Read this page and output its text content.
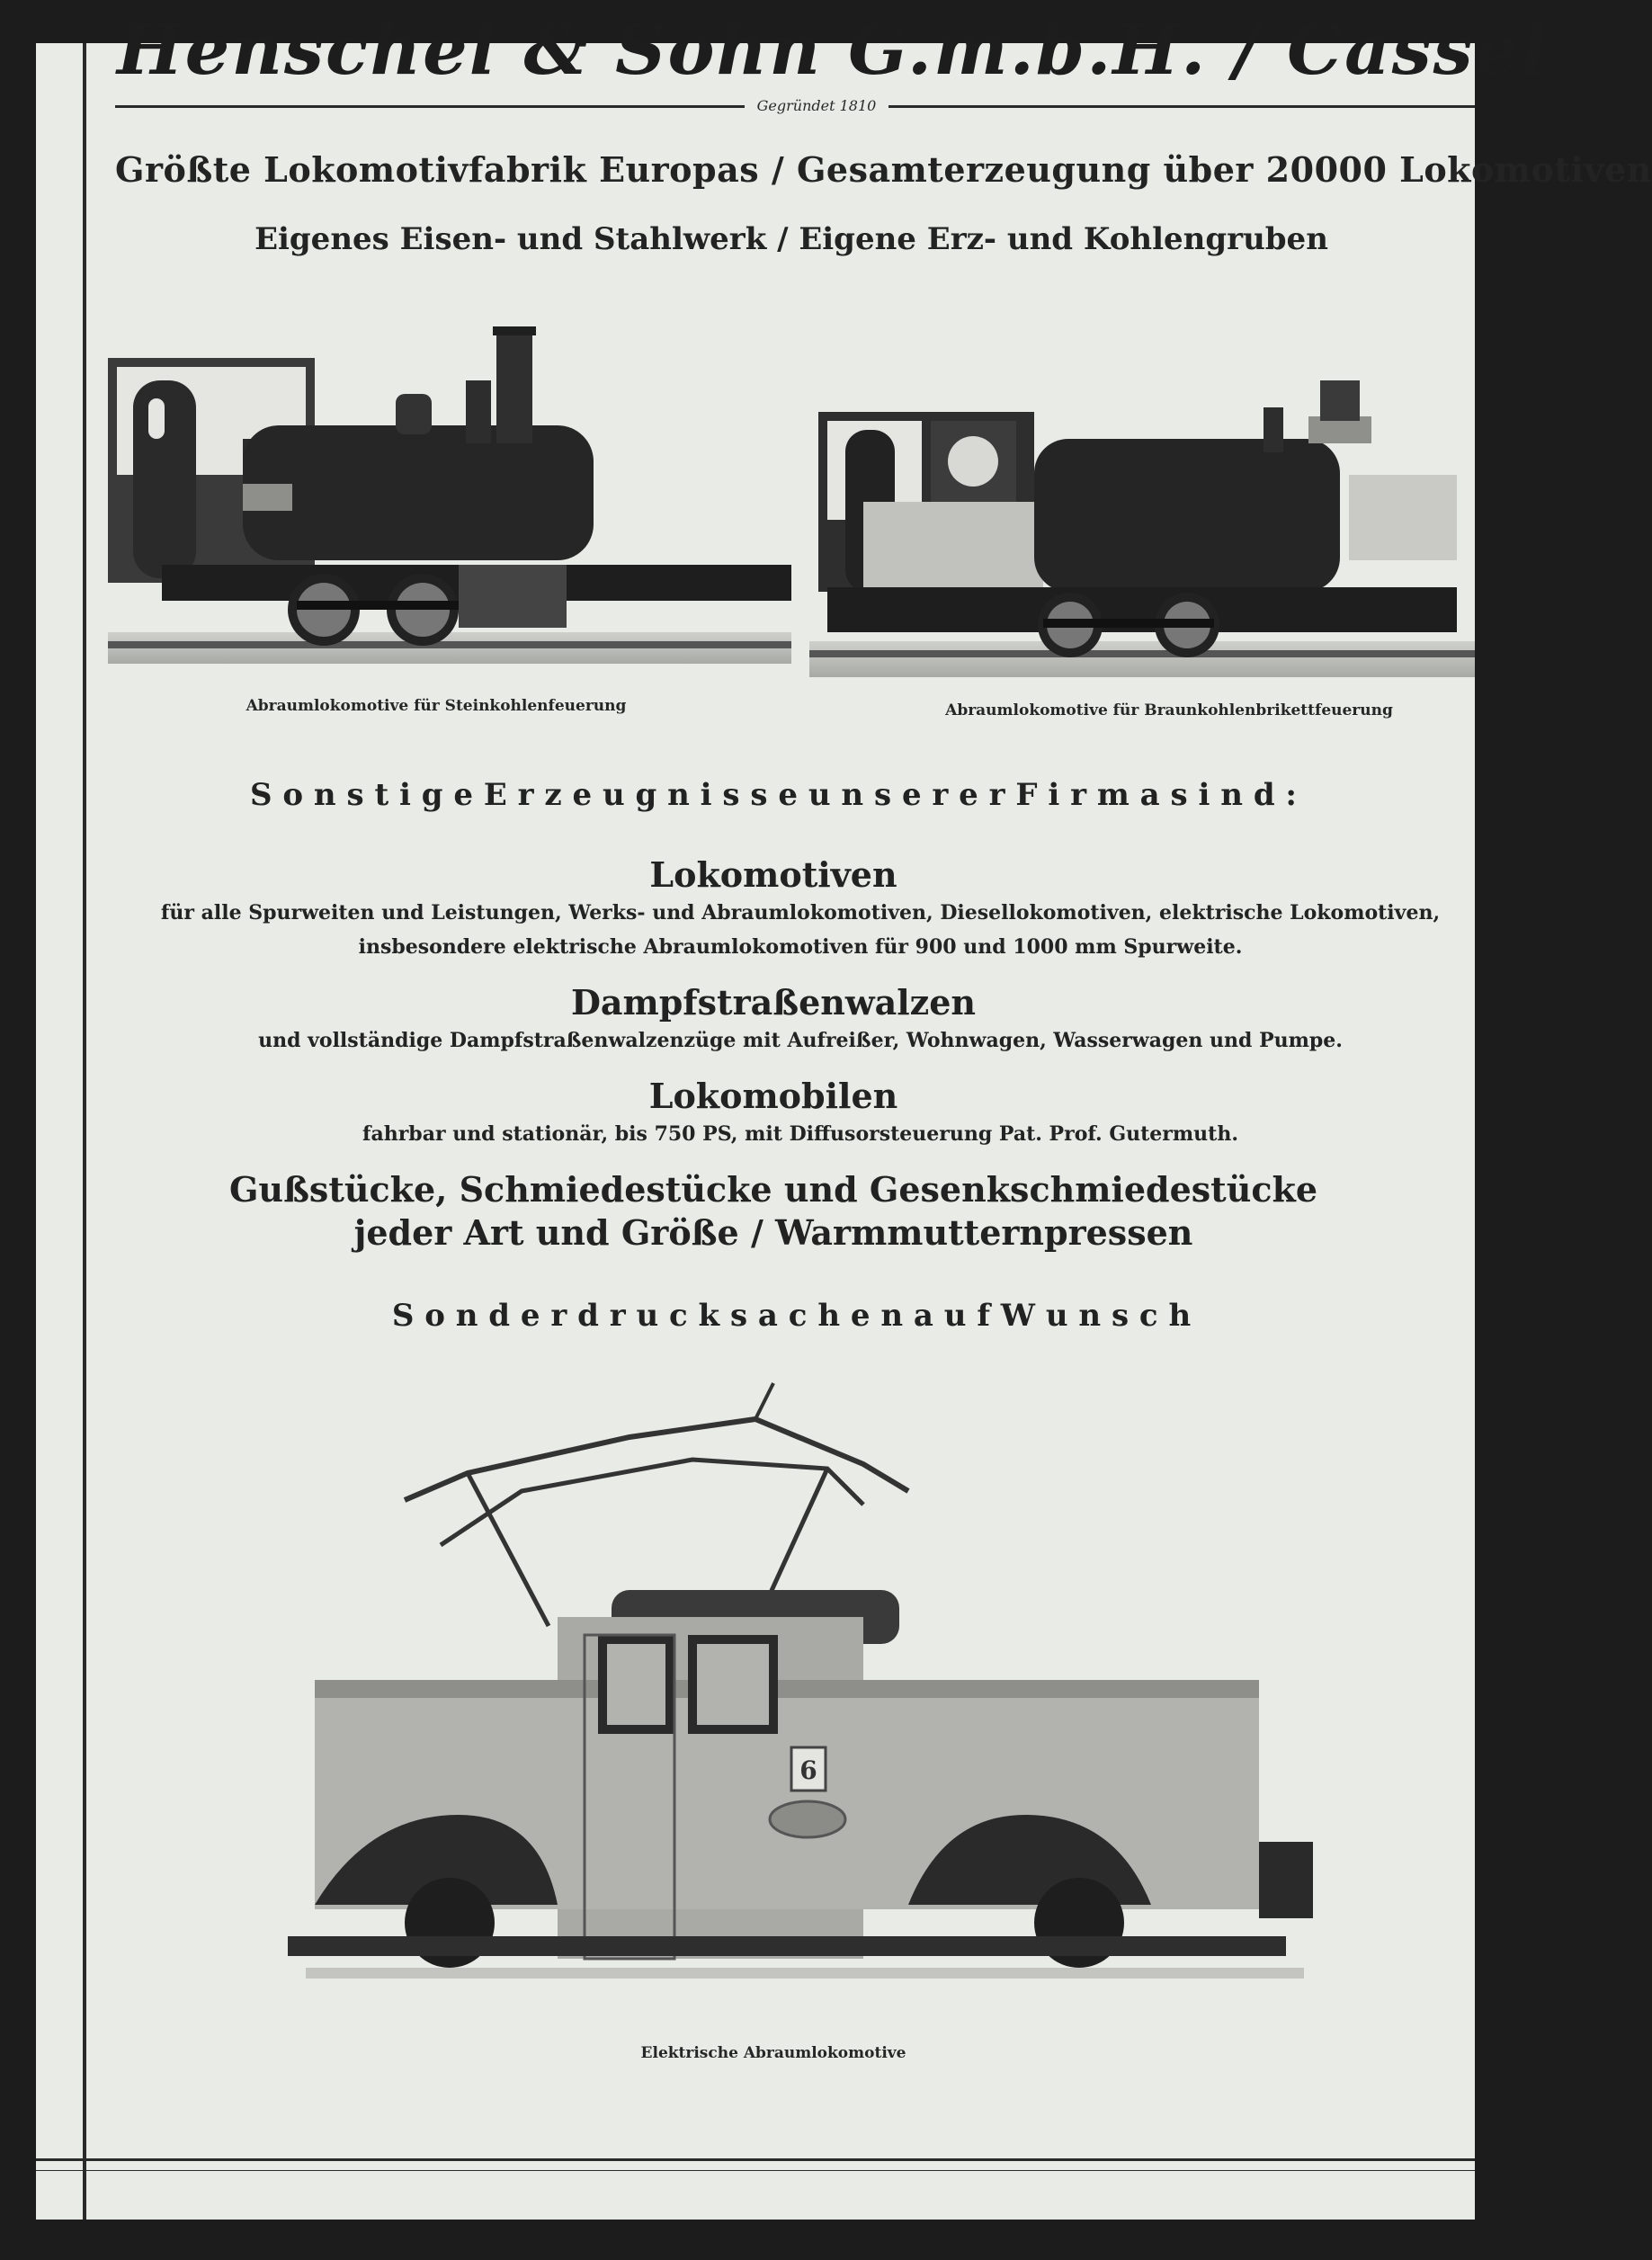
Henschel & Sohn G.m.b.H. / Cassel
Gegründet 1810
Größte Lokomotivfabrik Europas / Gesamterzeugung über 20000 Lokomotiven
Eigenes Eisen- und Stahlwerk / Eigene Erz- und Kohlengruben
Abraumlokomotive für Steinkohlenfeuerung	Abraumlokomotive für Braunkohlenbrikettfeuerung
S o n s t i g e E r z e u g n i s s e u n s e r e r F i r m a s i n d :
Lokomotiven
für alle Spurweiten und Leistungen, Werks- und Abraumlokomotiven, Diesellokomotiven, elektrische Lokomotiven,
insbesondere elektrische Abraumlokomotiven für 900 und 1000 mm Spurweite.
Dampfstraßenwalzen
und vollständige Dampfstraßenwalzenzüge mit Aufreißer, Wohnwagen, Wasserwagen und Pumpe.
Lokomobilen
fahrbar und stationär, bis 750 PS, mit Diffusorsteuerung Pat. Prof. Gutermuth.
Gußstücke, Schmiedestücke und Gesenkschmiedestücke
jeder Art und Größe / Warmmutternpressen
S o n d e r d r u c k s a c h e n a u f W u n s c h
6
Elektrische Abraumlokomotive
